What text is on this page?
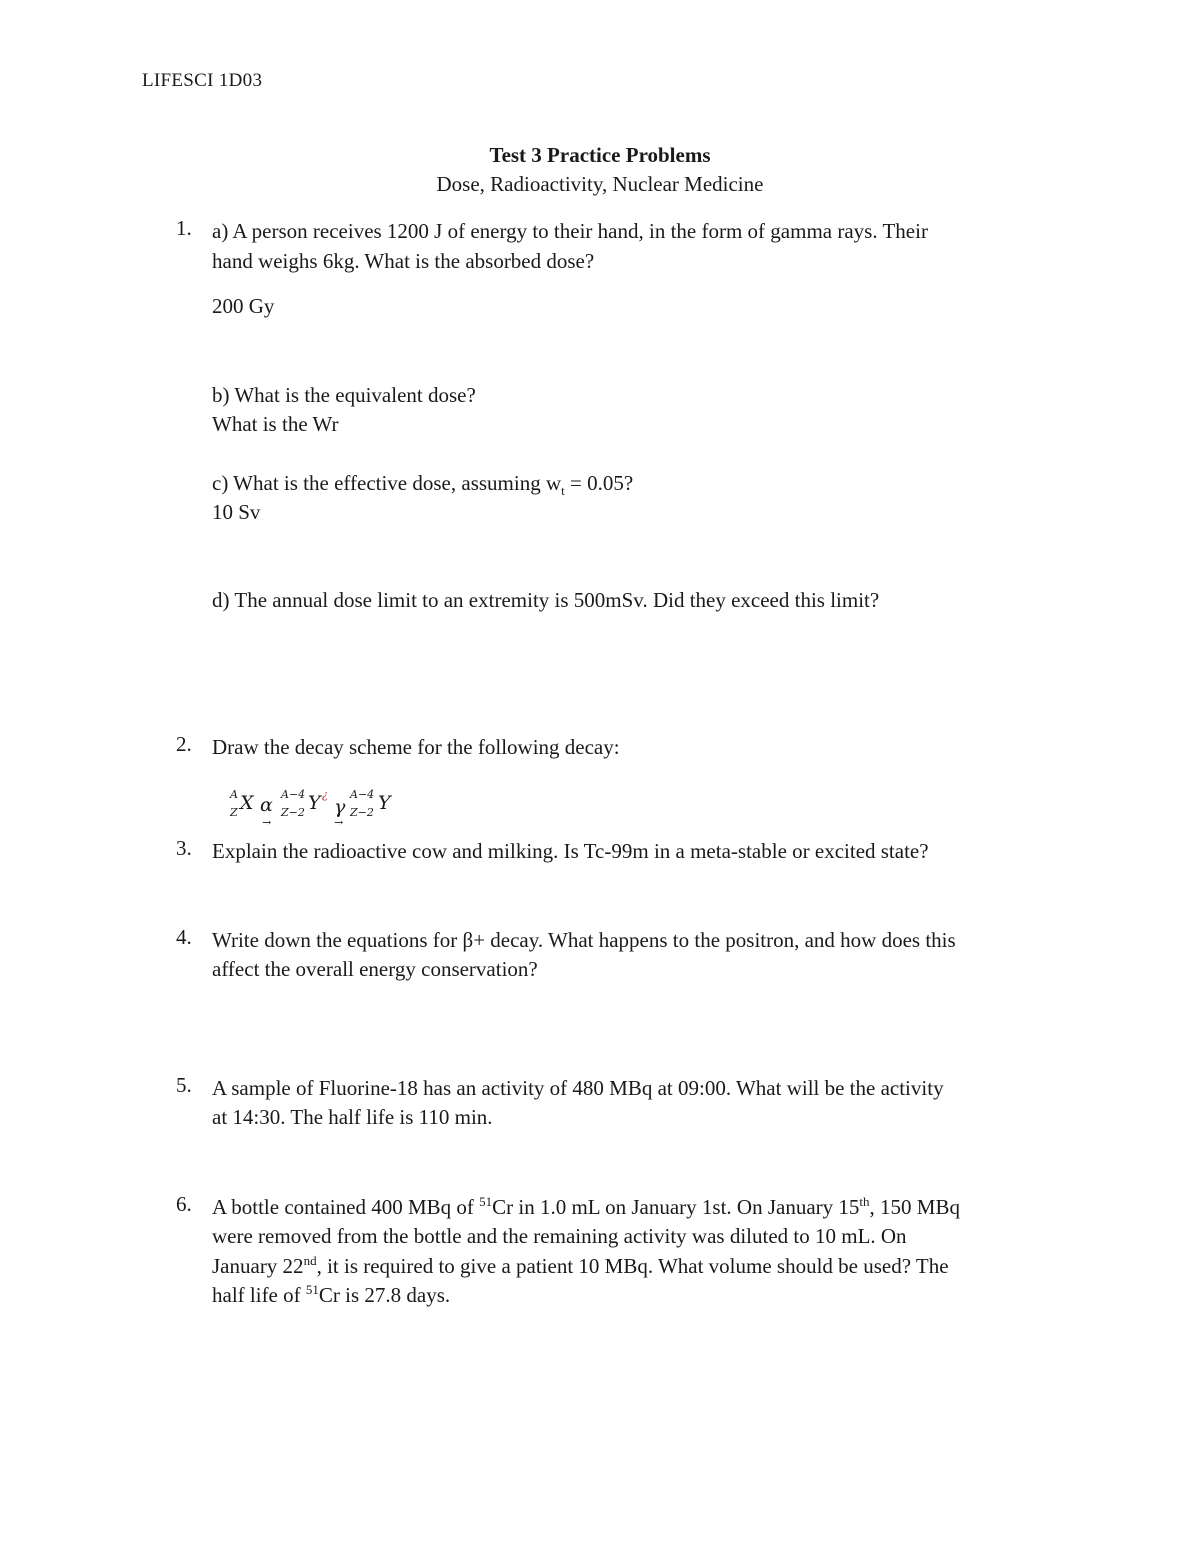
LIFESCI 1D03
Test 3 Practice Problems
Dose, Radioactivity, Nuclear Medicine
1. a) A person receives 1200 J of energy to their hand, in the form of gamma rays. Their
hand weighs 6kg. What is the absorbed dose?
200 Gy
b) What is the equivalent dose?
What is the Wr
c) What is the effective dose, assuming $w_t = 0.05$?
10 Sv
d) The annual dose limit to an extremity is 500mSv. Did they exceed this limit?
2. Draw the decay scheme for the following decay:
A
Z X α
→
A−4
Z−2 Y ¿
γ
→
A−4
Z−2 Y
3. Explain the radioactive cow and milking. Is Tc-99m in a meta-stable or excited state?
4. Write down the equations for β+ decay. What happens to the positron, and how does this
affect the overall energy conservation?
5. A sample of Fluorine-18 has an activity of 480 MBq at 09:00. What will be the activity
at 14:30. The half life is 110 min.
6. A bottle contained 400 MBq of $^{51}$Cr in 1.0 mL on January 1st. On January 15th, 150 MBq
were removed from the bottle and the remaining activity was diluted to 10 mL. On
January 22nd, it is required to give a patient 10 MBq. What volume should be used? The
half life of $^{51}$Cr is 27.8 days.
